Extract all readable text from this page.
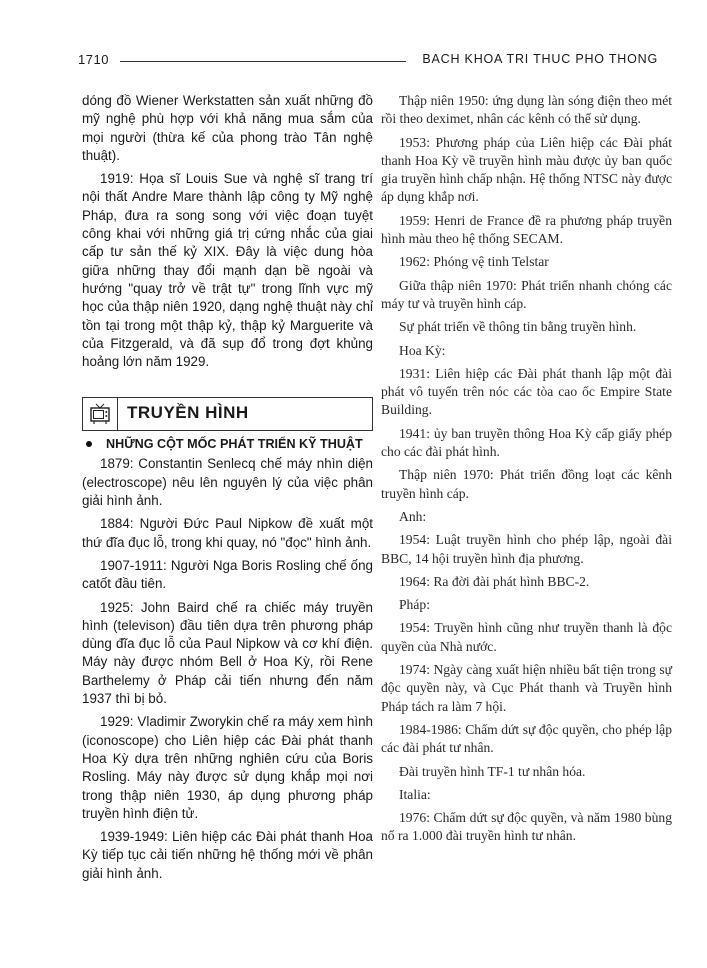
1710	BACH KHOA TRI THUC PHO THONG

dóng đồ Wiener Werkstatten sản xuất những đồ mỹ nghệ phù hợp với khả năng mua sắm của mọi người (thừa kế của phong trào Tân nghệ thuật).

1919: Họa sĩ Louis Sue và nghệ sĩ trang trí nội thất Andre Mare thành lập công ty Mỹ nghệ Pháp, đưa ra song song với việc đoạn tuyệt công khai với những giá trị cứng nhắc của giai cấp tư sản thế kỷ XIX. Đây là việc dung hòa giữa những thay đổi mạnh dạn bề ngoài và hướng "quay trở về trật tự" trong lĩnh vực mỹ học của thập niên 1920, dạng nghệ thuật này chỉ tồn tại trong một thập kỷ, thập kỷ Marguerite và của Fitzgerald, và đã sụp đổ trong đợt khủng hoảng lớn năm 1929.

TRUYỀN HÌNH
NHỮNG CỘT MỐC PHÁT TRIỂN KỸ THUẬT

1879: Constantin Senlecq chế máy nhìn diện (electroscope) nêu lên nguyên lý của việc phân giải hình ảnh.

1884: Người Đức Paul Nipkow đề xuất một thứ đĩa đục lỗ, trong khi quay, nó "đọc" hình ảnh.

1907-1911: Người Nga Boris Rosling chế ống catốt đầu tiên.

1925: John Baird chế ra chiếc máy truyền hình (televison) đầu tiên dựa trên phương pháp dùng đĩa đục lỗ của Paul Nipkow và cơ khí điện. Máy này được nhóm Bell ở Hoa Kỳ, rồi Rene Barthelemy ở Pháp cải tiến nhưng đến năm 1937 thì bị bỏ.

1929: Vladimir Zworykin chế ra máy xem hình (iconoscope) cho Liên hiệp các Đài phát thanh Hoa Kỳ dựa trên những nghiên cứu của Boris Rosling. Máy này được sử dụng khắp mọi nơi trong thập niên 1930, áp dụng phương pháp truyền hình điện tử.

1939-1949: Liên hiệp các Đài phát thanh Hoa Kỳ tiếp tục cải tiến những hệ thống mới về phân giải hình ảnh.

Thập niên 1950: ứng dụng làn sóng điện theo mét rồi theo deximet, nhân các kênh có thể sử dụng.

1953: Phương pháp của Liên hiệp các Đài phát thanh Hoa Kỳ về truyền hình màu được ủy ban quốc gia truyền hình chấp nhận. Hệ thống NTSC này được áp dụng khắp nơi.

1959: Henri de France đề ra phương pháp truyền hình màu theo hệ thống SECAM.

1962: Phóng vệ tinh Telstar

Giữa thập niên 1970: Phát triển nhanh chóng các máy tư và truyền hình cáp.

Sự phát triển về thông tin bằng truyền hình.

Hoa Kỳ:

1931: Liên hiệp các Đài phát thanh lập một đài phát vô tuyến trên nóc các tòa cao ốc Empire State Building.

1941: ủy ban truyền thông Hoa Kỳ cấp giấy phép cho các đài phát hình.

Thập niên 1970: Phát triển đồng loạt các kênh truyền hình cáp.

Anh:

1954: Luật truyền hình cho phép lập, ngoài đài BBC, 14 hội truyền hình địa phương.

1964: Ra đời đài phát hình BBC-2.

Pháp:

1954: Truyền hình cũng như truyền thanh là độc quyền của Nhà nước.

1974: Ngày càng xuất hiện nhiều bất tiện trong sự độc quyền này, và Cục Phát thanh và Truyền hình Pháp tách ra làm 7 hội.

1984-1986: Chấm dứt sự độc quyền, cho phép lập các đài phát tư nhân.

Đài truyền hình TF-1 tư nhân hóa.

Italia:

1976: Chấm dứt sự độc quyền, và năm 1980 bùng nổ ra 1.000 đài truyền hình tư nhân.
